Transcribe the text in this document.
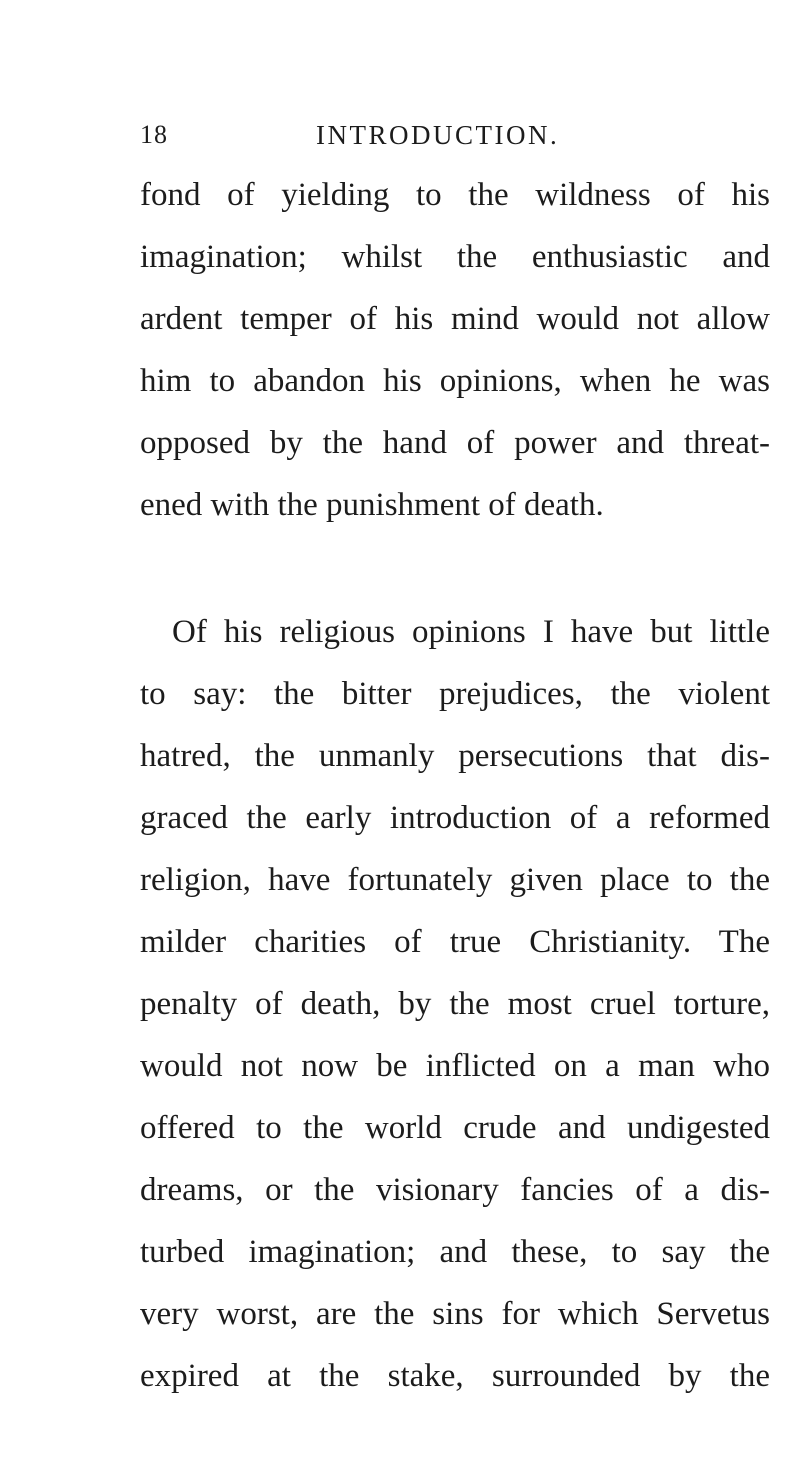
18	INTRODUCTION.
fond of yielding to the wildness of his
imagination; whilst the enthusiastic and
ardent temper of his mind would not allow
him to abandon his opinions, when he was
opposed by the hand of power and threat-
ened with the punishment of death.
Of his religious opinions I have but little
to say: the bitter prejudices, the violent
hatred, the unmanly persecutions that dis-
graced the early introduction of a reformed
religion, have fortunately given place to the
milder charities of true Christianity. The
penalty of death, by the most cruel torture,
would not now be inflicted on a man who
offered to the world crude and undigested
dreams, or the visionary fancies of a dis-
turbed imagination; and these, to say the
very worst, are the sins for which Servetus
expired at the stake, surrounded by the
